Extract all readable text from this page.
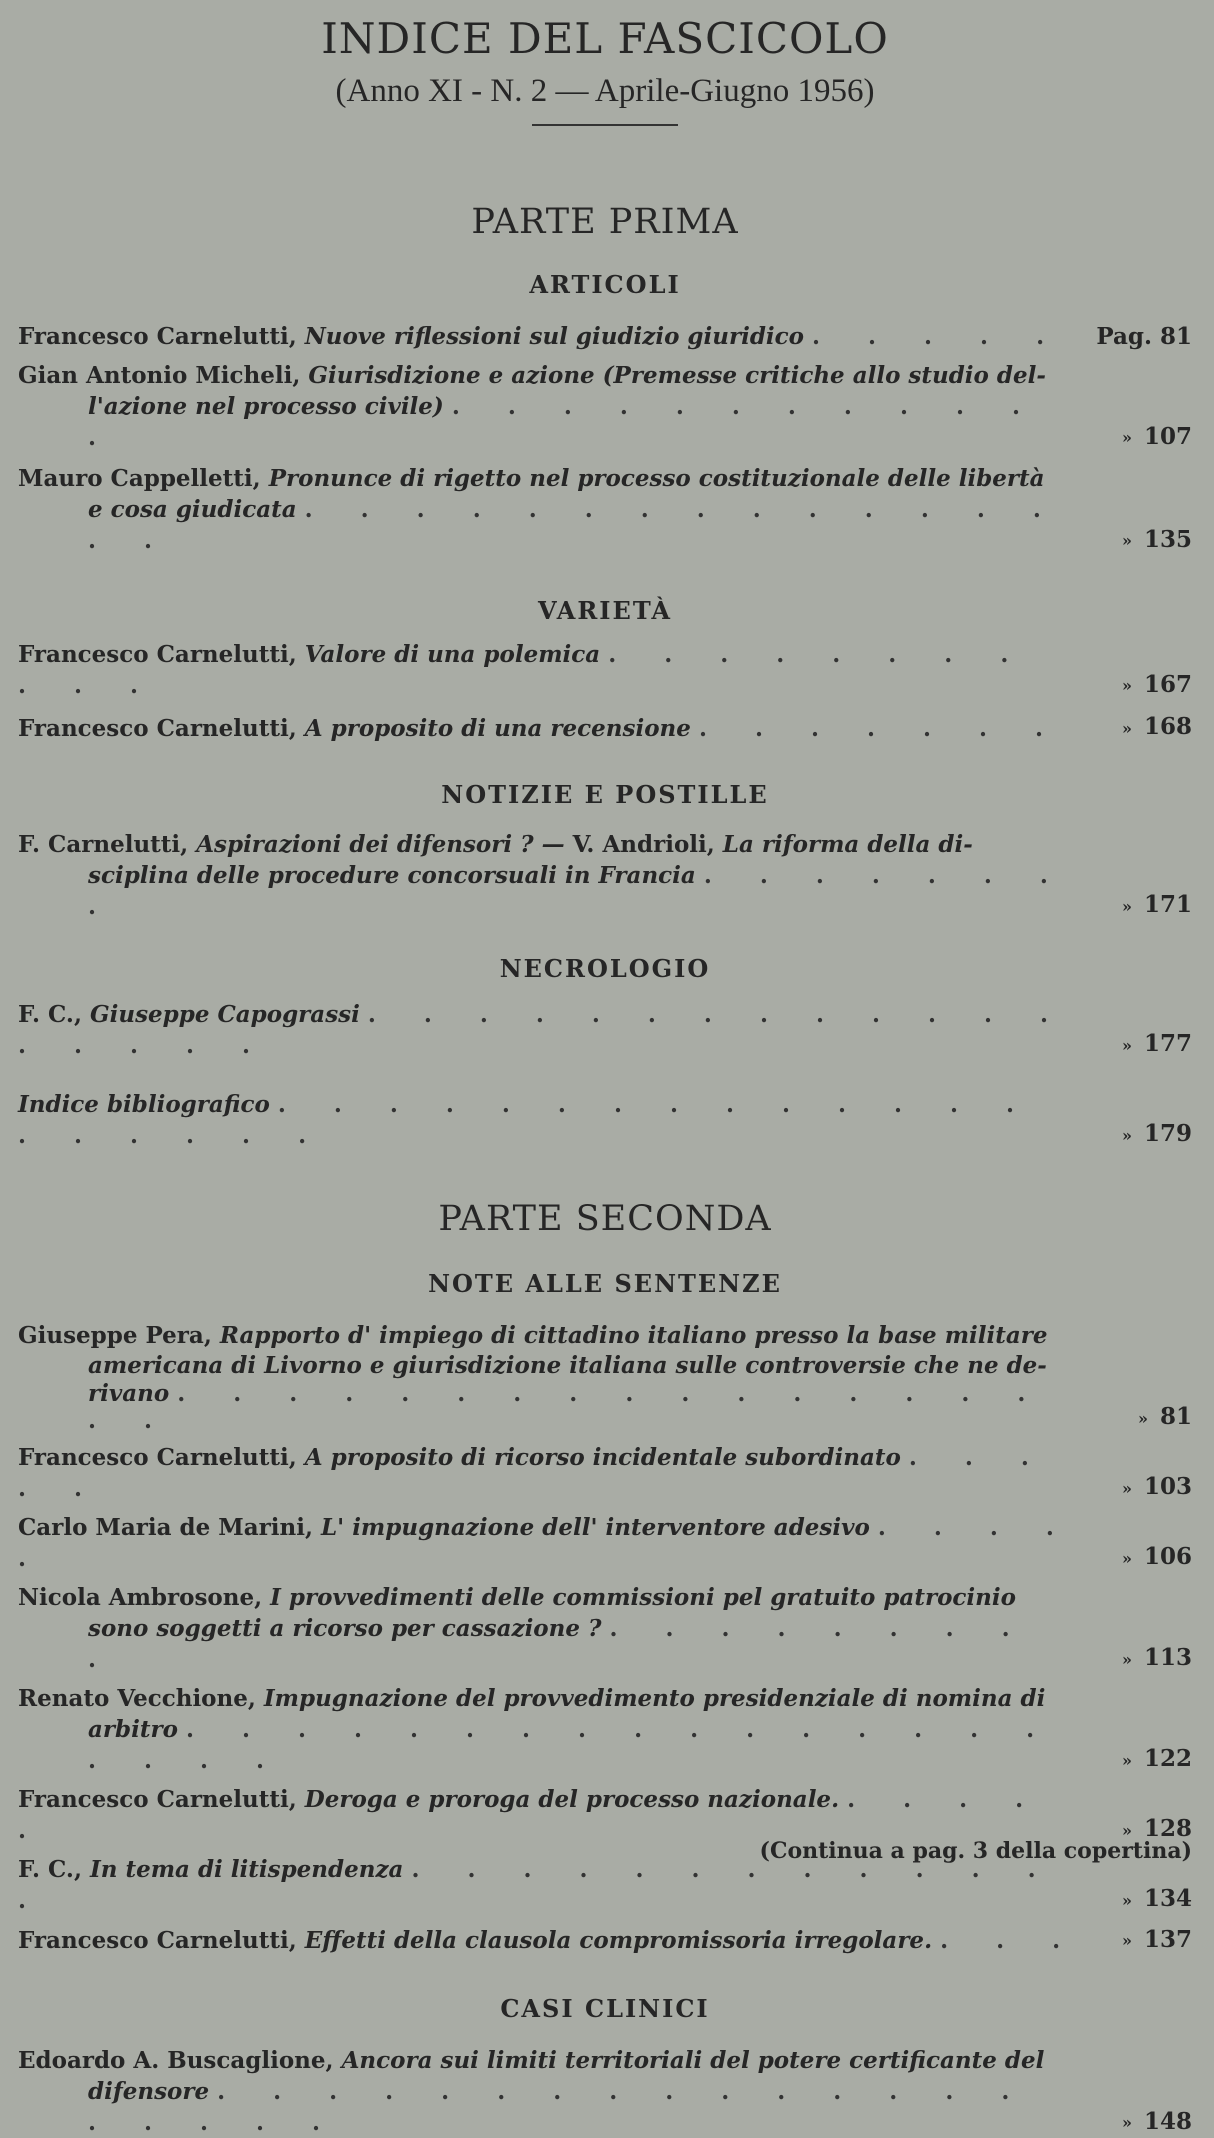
INDICE DEL FASCICOLO
(Anno XI - N. 2 — Aprile-Giugno 1956)
PARTE PRIMA
ARTICOLI
Francesco Carnelutti, Nuove riflessioni sul giudizio giuridico . . . . .	Pag. 81
Gian Antonio Micheli, Giurisdizione e azione (Premesse critiche allo studio del-
l'azione nel processo civile) . . . . . . . . . . . .	» 107
Mauro Cappelletti, Pronunce di rigetto nel processo costituzionale delle libertà
e cosa giudicata . . . . . . . . . . . . . . . .	» 135
VARIETÀ
Francesco Carnelutti, Valore di una polemica . . . . . . . . . . .	» 167
Francesco Carnelutti, A proposito di una recensione . . . . . . .	» 168
NOTIZIE E POSTILLE
F. Carnelutti, Aspirazioni dei difensori ? — V. Andrioli, La riforma della di-
sciplina delle procedure concorsuali in Francia . . . . . . . .	» 171
NECROLOGIO
F. C., Giuseppe Capograssi . . . . . . . . . . . . . . . . . .	» 177
Indice bibliografico . . . . . . . . . . . . . . . . . . . .	» 179
PARTE SECONDA
NOTE ALLE SENTENZE
Giuseppe Pera, Rapporto d' impiego di cittadino italiano presso la base militare
americana di Livorno e giurisdizione italiana sulle controversie che ne de-
rivano . . . . . . . . . . . . . . . . . .	» 81
Francesco Carnelutti, A proposito di ricorso incidentale subordinato . . . . .	» 103
Carlo Maria de Marini, L' impugnazione dell' interventore adesivo . . . . .	» 106
Nicola Ambrosone, I provvedimenti delle commissioni pel gratuito patrocinio
sono soggetti a ricorso per cassazione ? . . . . . . . . .	» 113
Renato Vecchione, Impugnazione del provvedimento presidenziale di nomina di
arbitro . . . . . . . . . . . . . . . . . . . .	» 122
Francesco Carnelutti, Deroga e proroga del processo nazionale. . . . . .	» 128
F. C., In tema di litispendenza . . . . . . . . . . . . .	» 134
Francesco Carnelutti, Effetti della clausola compromissoria irregolare. . . .	» 137
CASI CLINICI
Edoardo A. Buscaglione, Ancora sui limiti territoriali del potere certificante del
difensore . . . . . . . . . . . . . . . . . . . .	» 148
(Continua a pag. 3 della copertina)
